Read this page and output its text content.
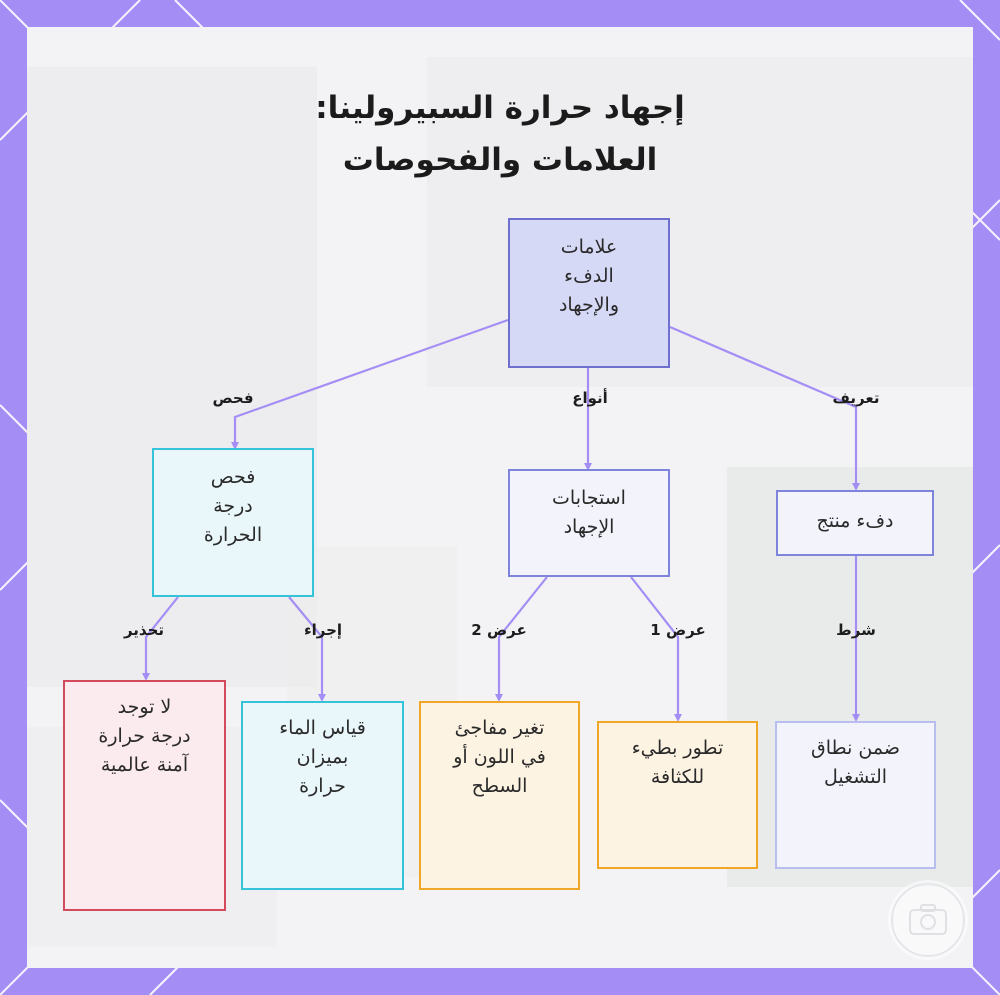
إجهاد حرارة السبيرولينا:
العلامات والفحوصات
علامات
الدفء
والإجهاد
فحص
درجة
الحرارة
استجابات
الإجهاد	دفء منتج
لا توجد
درجة حرارة
آمنة عالمية
قياس الماء
بميزان
حرارة
تغير مفاجئ
في اللون أو
السطح
تطور بطيء
للكثافة
ضمن نطاق
التشغيل
فحص	أنواع	تعريف
تحذير	إجراء	عرض 2	عرض 1	شرط
